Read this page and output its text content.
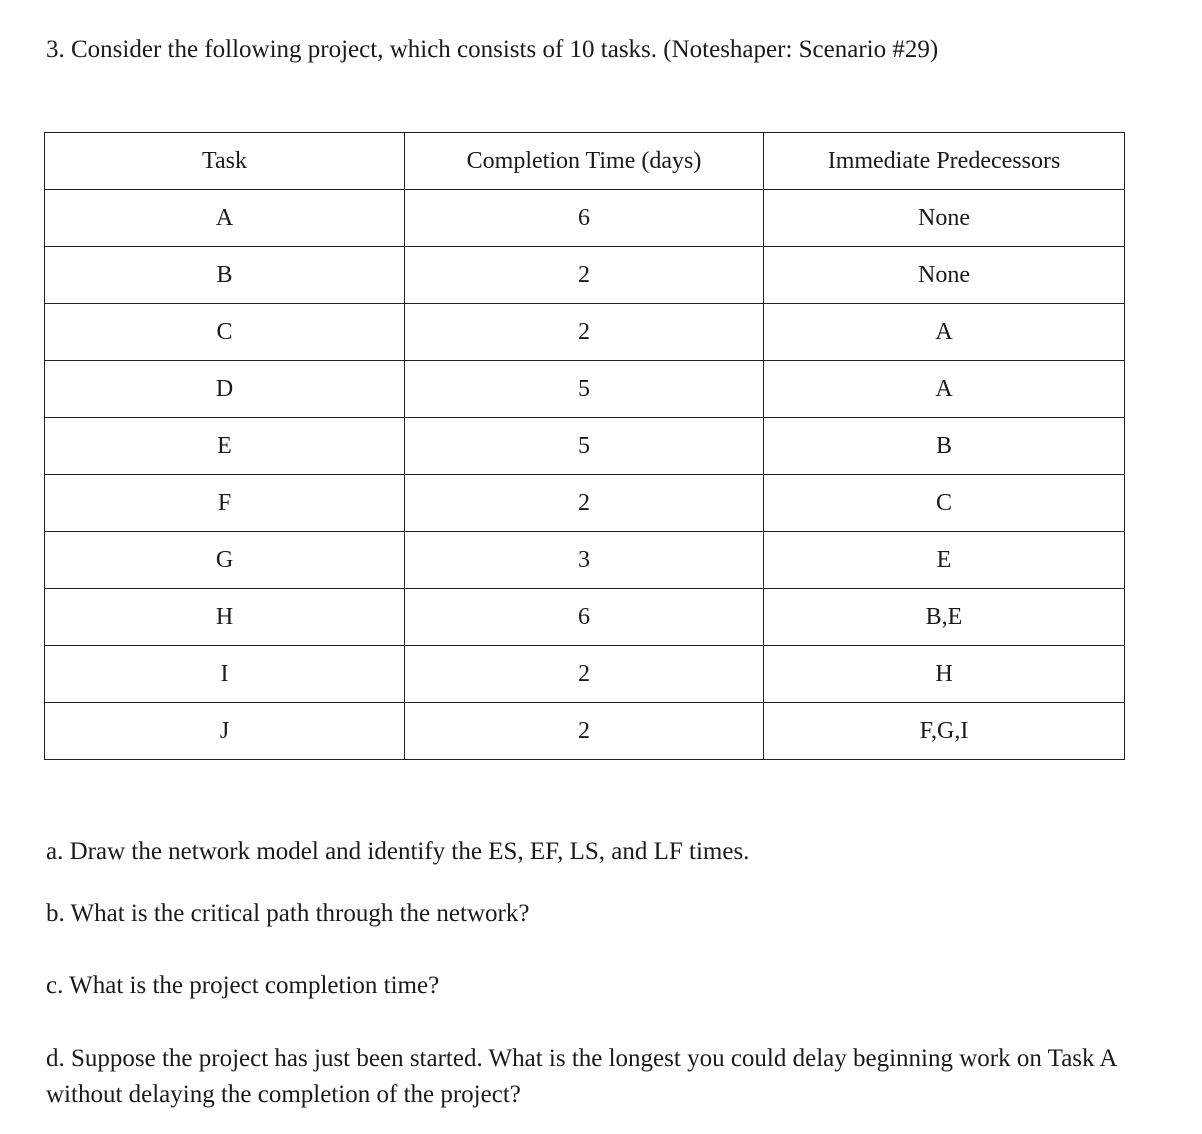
3. Consider the following project, which consists of 10 tasks. (Noteshaper: Scenario #29)
Task	Completion Time (days)	Immediate Predecessors
A	6	None
B	2	None
C	2	A
D	5	A
E	5	B
F	2	C
G	3	E
H	6	B,E
I	2	H
J	2	F,G,I
a. Draw the network model and identify the ES, EF, LS, and LF times.
b. What is the critical path through the network?
c. What is the project completion time?
d. Suppose the project has just been started. What is the longest you could delay beginning work on Task A without delaying the completion of the project?
